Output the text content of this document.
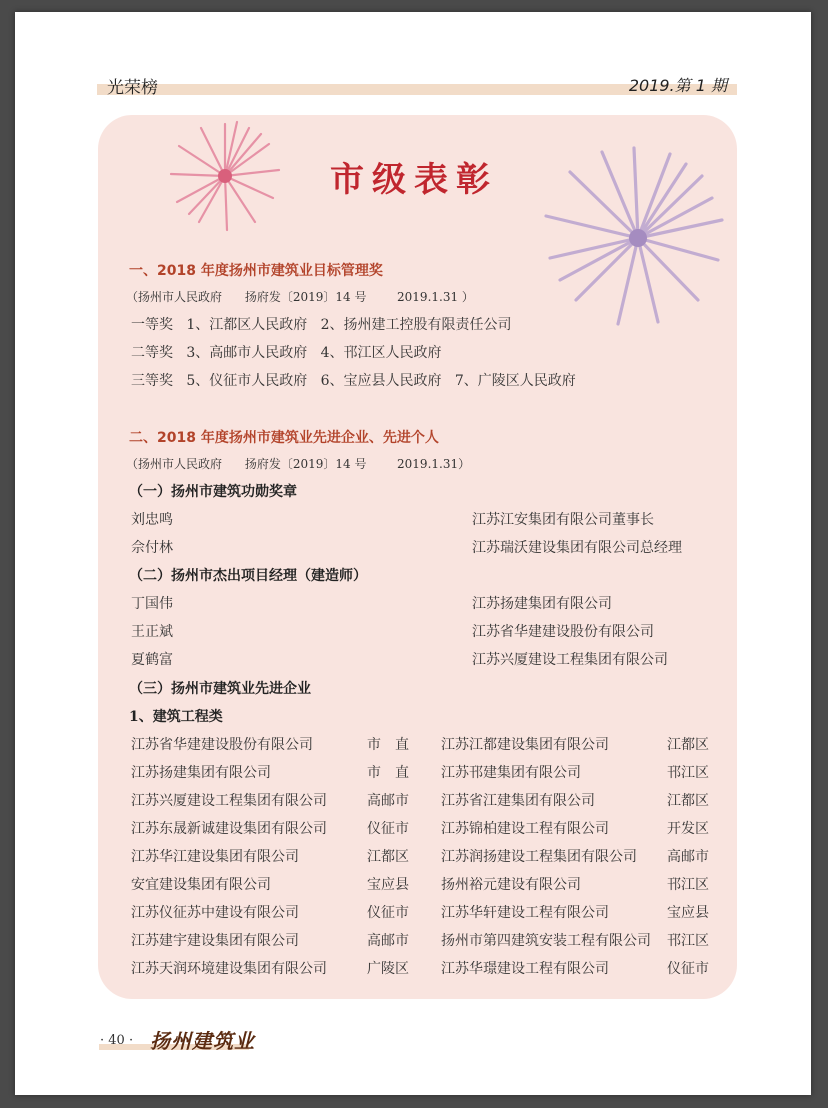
光荣榜	2019.第 1 期
市级表彰
一、2018 年度扬州市建筑业目标管理奖
（扬州市人民政府      扬府发〔2019〕14 号        2019.1.31 ）
一等奖   1、江都区人民政府   2、扬州建工控股有限责任公司
二等奖   3、高邮市人民政府   4、邗江区人民政府
三等奖   5、仪征市人民政府   6、宝应县人民政府   7、广陵区人民政府
二、2018 年度扬州市建筑业先进企业、先进个人
（扬州市人民政府      扬府发〔2019〕14 号        2019.1.31）
（一）扬州市建筑功勋奖章
刘忠鸣	江苏江安集团有限公司董事长
佘付林	江苏瑞沃建设集团有限公司总经理
（二）扬州市杰出项目经理（建造师）
丁国伟	江苏扬建集团有限公司
王正斌	江苏省华建建设股份有限公司
夏鹤富	江苏兴厦建设工程集团有限公司
（三）扬州市建筑业先进企业
1、建筑工程类
江苏省华建建设股份有限公司	市　直 江苏江都建设集团有限公司	江都区
江苏扬建集团有限公司	市　直 江苏邗建集团有限公司	邗江区
江苏兴厦建设工程集团有限公司	高邮市 江苏省江建集团有限公司	江都区
江苏东晟新诚建设集团有限公司	仪征市 江苏锦柏建设工程有限公司	开发区
江苏华江建设集团有限公司	江都区 江苏润扬建设工程集团有限公司 高邮市
安宜建设集团有限公司	宝应县 扬州裕元建设有限公司	邗江区
江苏仪征苏中建设有限公司	仪征市 江苏华轩建设工程有限公司	宝应县
江苏建宇建设集团有限公司	高邮市 扬州市第四建筑安装工程有限公司 邗江区
江苏天润环境建设集团有限公司	广陵区 江苏华璟建设工程有限公司	仪征市
· 40 · 扬州建筑业
